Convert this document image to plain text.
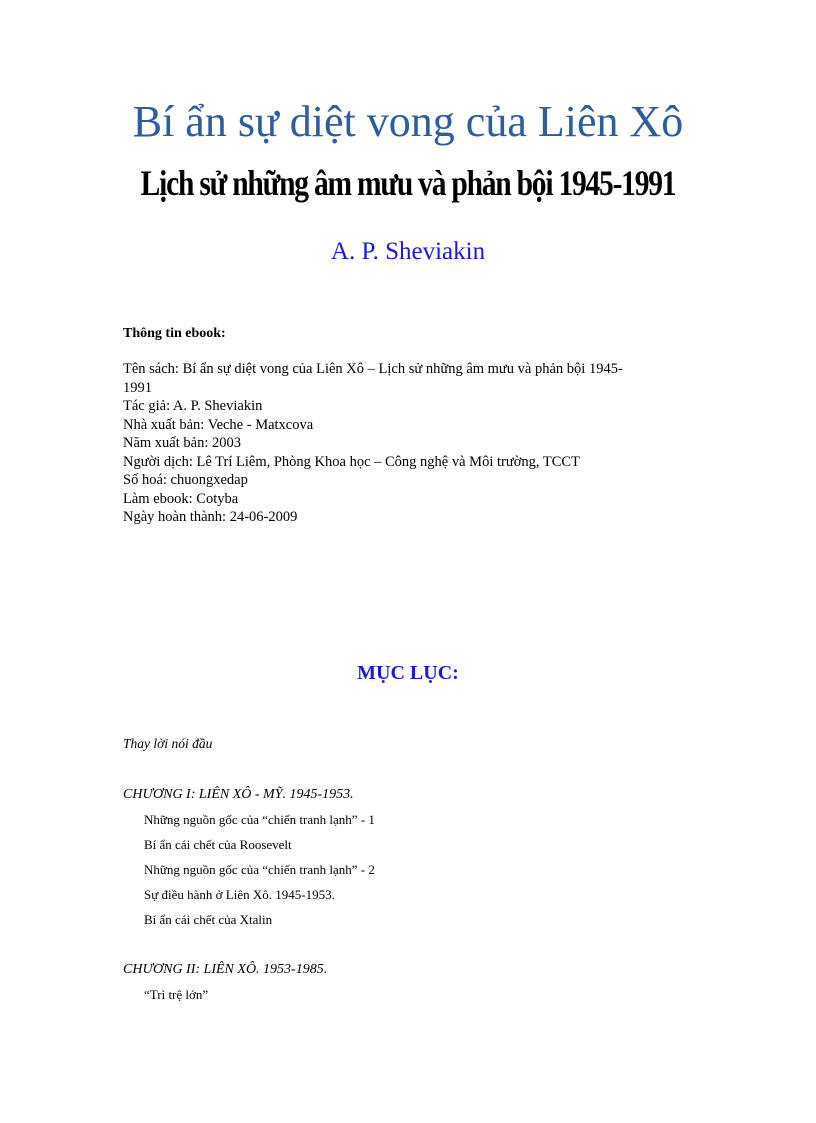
Bí ẩn sự diệt vong của Liên Xô
Lịch sử những âm mưu và phản bội 1945-1991
A. P. Sheviakin
Thông tin ebook:
Tên sách: Bí ẩn sự diệt vong của Liên Xô – Lịch sử những âm mưu và phản bội 1945-
1991
Tác giả: A. P. Sheviakin
Nhà xuất bản: Veche - Matxcova
Năm xuất bản: 2003
Người dịch: Lê Trí Liêm, Phòng Khoa học – Công nghệ và Môi trường, TCCT
Số hoá: chuongxedap
Làm ebook: Cotyba
Ngày hoàn thành: 24-06-2009
MỤC LỤC:
Thay lời nói đầu
CHƯƠNG I: LIÊN XÔ - MỸ. 1945-1953.
Những nguồn gốc của “chiến tranh lạnh” - 1
Bí ẩn cái chết của Roosevelt
Những nguồn gốc của “chiến tranh lạnh” - 2
Sự điều hành ở Liên Xô. 1945-1953.
Bí ẩn cái chết của Xtalin
CHƯƠNG II: LIÊN XÔ. 1953-1985.
“Trì trệ lớn”
